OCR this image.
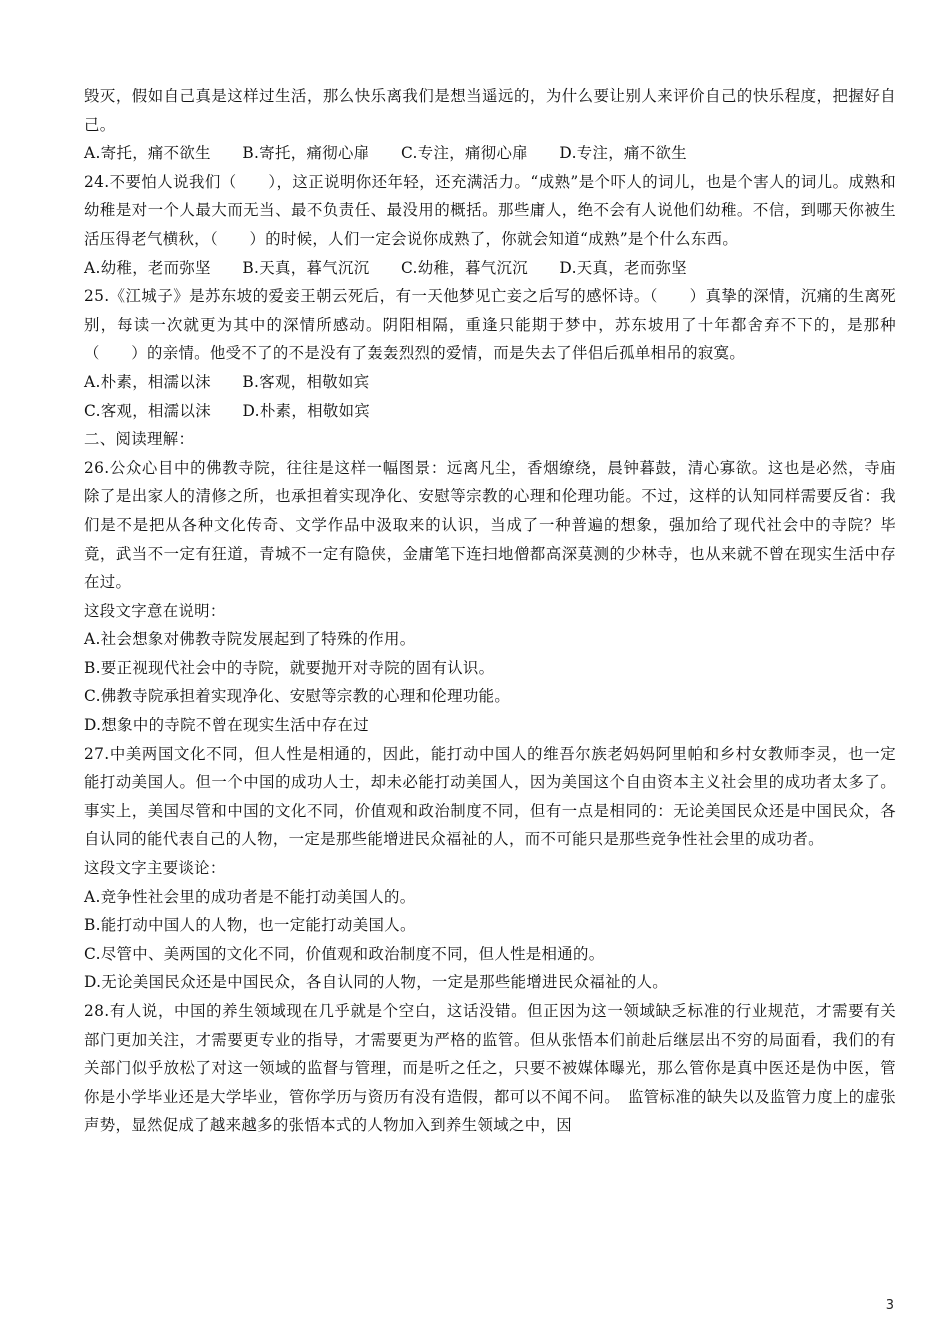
毁灭，假如自己真是这样过生活，那么快乐离我们是想当遥远的，为什么要让别人来评价自己的快乐程度，把握好自己。

A.寄托，痛不欲生　　B.寄托，痛彻心扉　　C.专注，痛彻心扉　　D.专注，痛不欲生

24.不要怕人说我们（　　），这正说明你还年轻，还充满活力。“成熟”是个吓人的词儿，也是个害人的词儿。成熟和幼稚是对一个人最大而无当、最不负责任、最没用的概括。那些庸人，绝不会有人说他们幼稚。不信，到哪天你被生活压得老气横秋，（　　）的时候，人们一定会说你成熟了，你就会知道“成熟”是个什么东西。

A.幼稚，老而弥坚　　B.天真，暮气沉沉　　C.幼稚，暮气沉沉　　D.天真，老而弥坚

25.《江城子》是苏东坡的爱妾王朝云死后，有一天他梦见亡妾之后写的感怀诗。（　　）真挚的深情，沉痛的生离死别，每读一次就更为其中的深情所感动。阴阳相隔，重逢只能期于梦中，苏东坡用了十年都舍弃不下的，是那种（　　）的亲情。他受不了的不是没有了轰轰烈烈的爱情，而是失去了伴侣后孤单相吊的寂寞。

A.朴素，相濡以沫　　B.客观，相敬如宾

C.客观，相濡以沫　　D.朴素，相敬如宾

二、阅读理解：

26.公众心目中的佛教寺院，往往是这样一幅图景：远离凡尘，香烟缭绕，晨钟暮鼓，清心寡欲。这也是必然，寺庙除了是出家人的清修之所，也承担着实现净化、安慰等宗教的心理和伦理功能。不过，这样的认知同样需要反省：我们是不是把从各种文化传奇、文学作品中汲取来的认识，当成了一种普遍的想象，强加给了现代社会中的寺院？毕竟，武当不一定有狂道，青城不一定有隐侠，金庸笔下连扫地僧都高深莫测的少林寺，也从来就不曾在现实生活中存在过。

这段文字意在说明：

A.社会想象对佛教寺院发展起到了特殊的作用。

B.要正视现代社会中的寺院，就要抛开对寺院的固有认识。

C.佛教寺院承担着实现净化、安慰等宗教的心理和伦理功能。

D.想象中的寺院不曾在现实生活中存在过

27.中美两国文化不同，但人性是相通的，因此，能打动中国人的维吾尔族老妈妈阿里帕和乡村女教师李灵，也一定能打动美国人。但一个中国的成功人士，却未必能打动美国人，因为美国这个自由资本主义社会里的成功者太多了。事实上，美国尽管和中国的文化不同，价值观和政治制度不同，但有一点是相同的：无论美国民众还是中国民众，各自认同的能代表自己的人物，一定是那些能增进民众福祉的人，而不可能只是那些竞争性社会里的成功者。

这段文字主要谈论：

A.竞争性社会里的成功者是不能打动美国人的。

B.能打动中国人的人物，也一定能打动美国人。

C.尽管中、美两国的文化不同，价值观和政治制度不同，但人性是相通的。

D.无论美国民众还是中国民众，各自认同的人物，一定是那些能增进民众福祉的人。

28.有人说，中国的养生领域现在几乎就是个空白，这话没错。但正因为这一领域缺乏标准的行业规范，才需要有关部门更加关注，才需要更专业的指导，才需要更为严格的监管。但从张悟本们前赴后继层出不穷的局面看，我们的有关部门似乎放松了对这一领域的监督与管理，而是听之任之，只要不被媒体曝光，那么管你是真中医还是伪中医，管你是小学毕业还是大学毕业，管你学历与资历有没有造假，都可以不闻不问。　监管标准的缺失以及监管力度上的虚张声势，显然促成了越来越多的张悟本式的人物加入到养生领域之中，因

3
